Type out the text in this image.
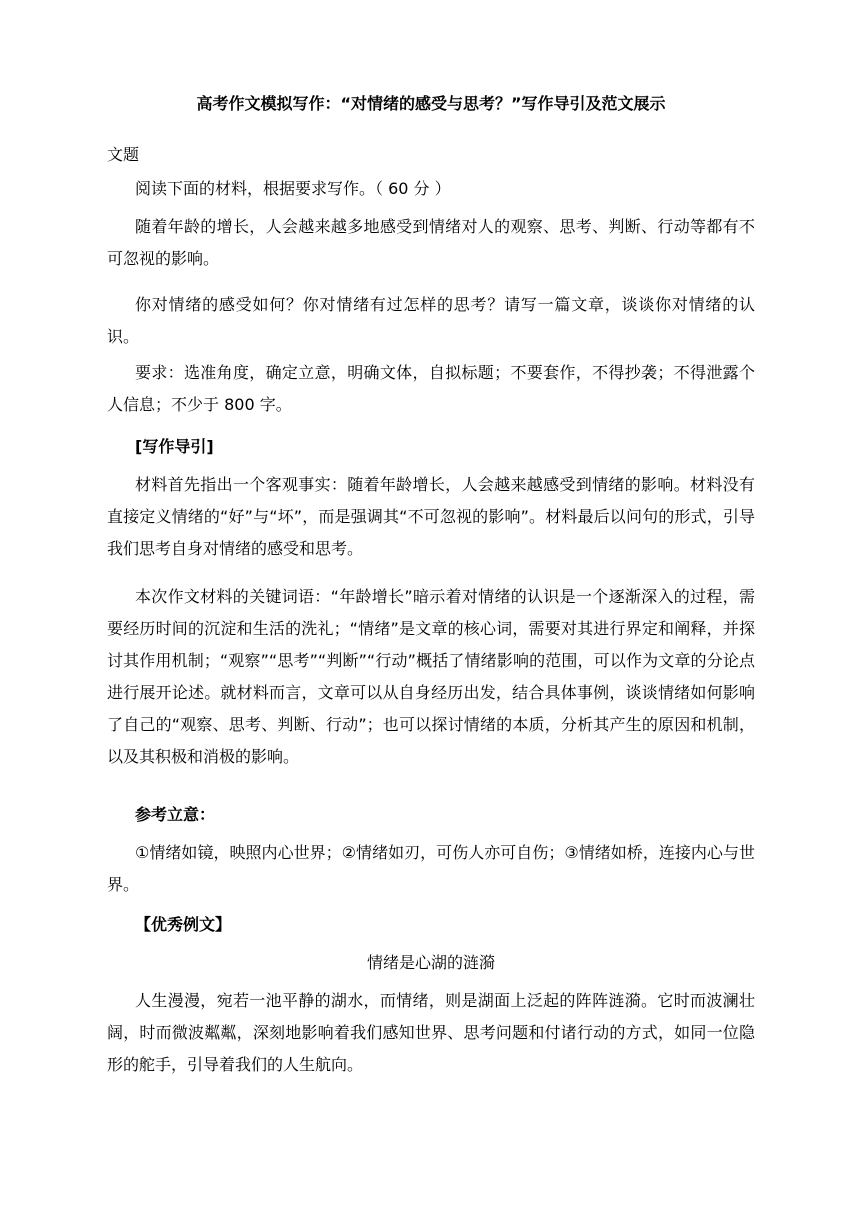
高考作文模拟写作：“对情绪的感受与思考？”写作导引及范文展示
文题
阅读下面的材料，根据要求写作。（ 60 分 ）
随着年龄的增长，人会越来越多地感受到情绪对人的观察、思考、判断、行动等都有不可忽视的影响。
你对情绪的感受如何？你对情绪有过怎样的思考？请写一篇文章，谈谈你对情绪的认识。
要求：选准角度，确定立意，明确文体，自拟标题；不要套作，不得抄袭；不得泄露个人信息；不少于 800 字。
[写作导引]
材料首先指出一个客观事实：随着年龄增长，人会越来越感受到情绪的影响。材料没有直接定义情绪的“好”与“坏”，而是强调其“不可忽视的影响”。材料最后以问句的形式，引导我们思考自身对情绪的感受和思考。
本次作文材料的关键词语：“年龄增长”暗示着对情绪的认识是一个逐渐深入的过程，需要经历时间的沉淀和生活的洗礼；“情绪”是文章的核心词，需要对其进行界定和阐释，并探讨其作用机制；“观察”“思考”“判断”“行动”概括了情绪影响的范围，可以作为文章的分论点进行展开论述。就材料而言，文章可以从自身经历出发，结合具体事例，谈谈情绪如何影响了自己的“观察、思考、判断、行动”；也可以探讨情绪的本质，分析其产生的原因和机制，以及其积极和消极的影响。
参考立意：
①情绪如镜，映照内心世界；②情绪如刃，可伤人亦可自伤；③情绪如桥，连接内心与世界。
【优秀例文】
情绪是心湖的涟漪
人生漫漫，宛若一池平静的湖水，而情绪，则是湖面上泛起的阵阵涟漪。它时而波澜壮阔，时而微波粼粼，深刻地影响着我们感知世界、思考问题和付诸行动的方式，如同一位隐形的舵手，引导着我们的人生航向。
